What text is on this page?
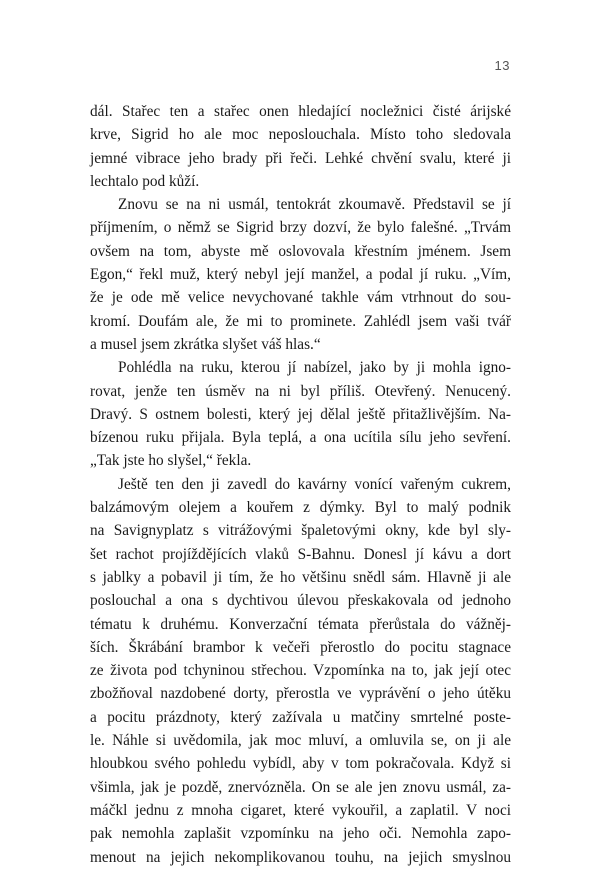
13
dál. Stařec ten a stařec onen hledající nocležnici čisté árijské
krve, Sigrid ho ale moc neposlouchala. Místo toho sledovala
jemné vibrace jeho brady při řeči. Lehké chvění svalu, které ji
lechtalo pod kůží.
Znovu se na ni usmál, tentokrát zkoumavě. Představil se jí
příjmením, o němž se Sigrid brzy dozví, že bylo falešné. „Trvám
ovšem na tom, abyste mě oslovovala křestním jménem. Jsem
Egon,“ řekl muž, který nebyl její manžel, a podal jí ruku. „Vím,
že je ode mě velice nevychované takhle vám vtrhnout do sou-
kromí. Doufám ale, že mi to prominete. Zahlédl jsem vaši tvář
a musel jsem zkrátka slyšet váš hlas.“
Pohlédla na ruku, kterou jí nabízel, jako by ji mohla igno-
rovat, jenže ten úsměv na ni byl příliš. Otevřený. Nenucený.
Dravý. S ostnem bolesti, který jej dělal ještě přitažlivějším. Na-
bízenou ruku přijala. Byla teplá, a ona ucítila sílu jeho sevření.
„Tak jste ho slyšel,“ řekla.
Ještě ten den ji zavedl do kavárny vonící vařeným cukrem,
balzámovým olejem a kouřem z dýmky. Byl to malý podnik
na Savignyplatz s vitrážovými špaletovými okny, kde byl sly-
šet rachot projíždějících vlaků S-Bahnu. Donesl jí kávu a dort
s jablky a pobavil ji tím, že ho většinu snědl sám. Hlavně ji ale
poslouchal a ona s dychtivou úlevou přeskakovala od jednoho
tématu k druhému. Konverzační témata přerůstala do vážněj-
ších. Škrábání brambor k večeři přerostlo do pocitu stagnace
ze života pod tchyninou střechou. Vzpomínka na to, jak její otec
zbožňoval nazdobené dorty, přerostla ve vyprávění o jeho útěku
a pocitu prázdnoty, který zažívala u matčiny smrtelné poste-
le. Náhle si uvědomila, jak moc mluví, a omluvila se, on ji ale
hloubkou svého pohledu vybídl, aby v tom pokračovala. Když si
všimla, jak je pozdě, znervózněla. On se ale jen znovu usmál, za-
máčkl jednu z mnoha cigaret, které vykouřil, a zaplatil. V noci
pak nemohla zaplašit vzpomínku na jeho oči. Nemohla zapo-
menout na jejich nekomplikovanou touhu, na jejich smyslnou
